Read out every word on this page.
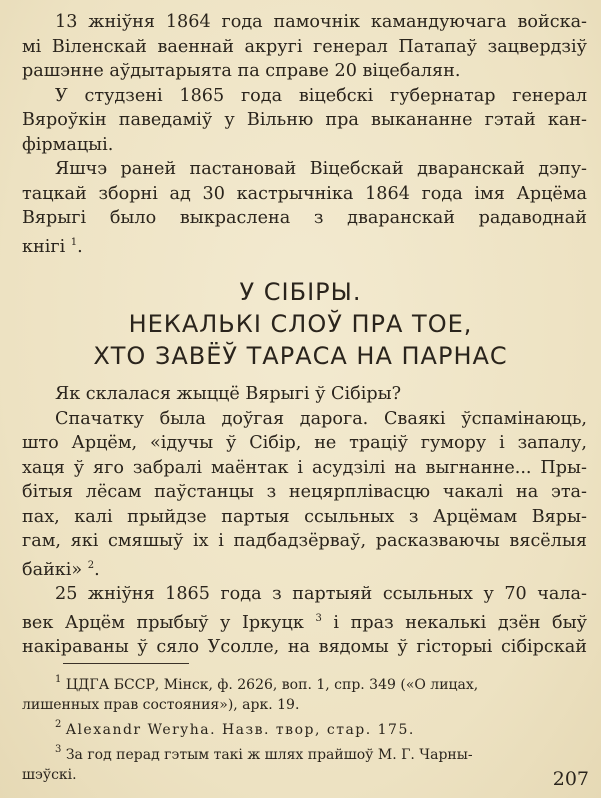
13 жніўня 1864 года памочнік камандуючага войска-
мі Віленскай ваеннай акругі генерал Патапаў зацвердзіў
рашэнне аўдытарыята па справе 20 віцебалян.

У студзені 1865 года віцебскі губернатар генерал
Вяроўкін паведаміў у Вільню пра выкананне гэтай кан-
фірмацыі.

Яшчэ раней пастановай Віцебскай дваранскай дэпу-
тацкай зборні ад 30 кастрычніка 1864 года імя Арцёма
Вярыгі было выкраслена з дваранскай радаводнай
кнігі $^1$.

У СІБІРЫ.
НЕКАЛЬКІ СЛОЎ ПРА ТОЕ,
ХТО ЗАВЁЎ ТАРАСА НА ПАРНАС

Як склалася жыццё Вярыгі ў Сібіры?

Спачатку была доўгая дарога. Сваякі ўспамінаюць,
што Арцём, «ідучы ў Сібір, не траціў гумору і запалу,
хаця ў яго забралі маёнтак і асудзілі на выгнанне... Пры-
бітыя лёсам паўстанцы з нецярплівасцю чакалі на эта-
пах, калі прыйдзе партыя ссыльных з Арцёмам Вяры-
гам, які смяшыў іх і падбадзёрваў, расказваючы вясёлыя
байкі» $^2$.

25 жніўня 1865 года з партыяй ссыльных у 70 чала-
век Арцём прыбыў у Іркуцк $^3$ і праз некалькі дзён быў
накіраваны ў сяло Усолле, на вядомы ў гісторыі сібірскай

$^1$ ЦДГА БССР, Мінск, ф. 2626, воп. 1, спр. 349 («О лицах,
лишенных прав состояния»), арк. 19.

$^2$ Alexandr Weryha. Назв. твор, стар. 175.

$^3$ За год перад гэтым такі ж шлях прайшоў М. Г. Чарны-
шэўскі.	207
